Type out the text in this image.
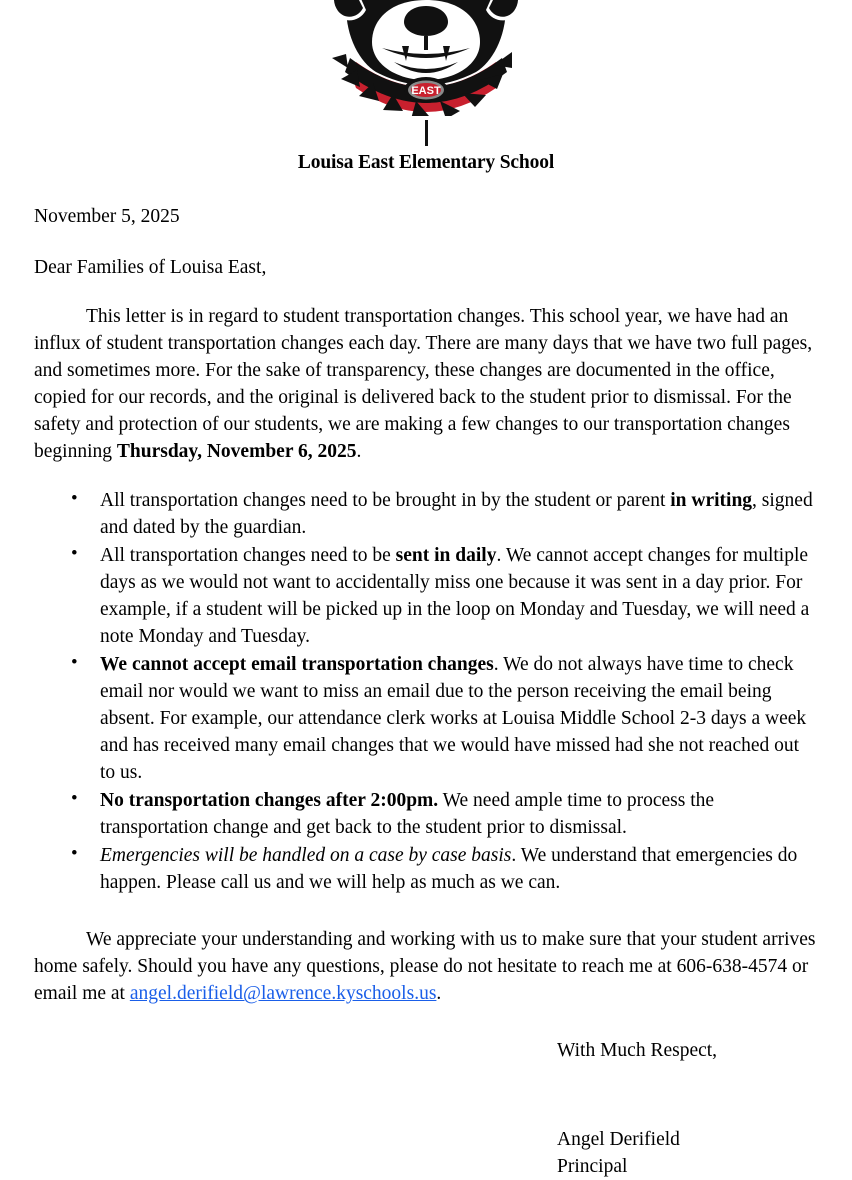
EAST
Louisa East Elementary School
November 5, 2025
Dear Families of Louisa East,
This letter is in regard to student transportation changes. This school year, we have had an influx of student transportation changes each day. There are many days that we have two full pages, and sometimes more. For the sake of transparency, these changes are documented in the office, copied for our records, and the original is delivered back to the student prior to dismissal. For the safety and protection of our students, we are making a few changes to our transportation changes beginning Thursday, November 6, 2025.
• All transportation changes need to be brought in by the student or parent in writing, signed and dated by the guardian.
• All transportation changes need to be sent in daily. We cannot accept changes for multiple days as we would not want to accidentally miss one because it was sent in a day prior. For example, if a student will be picked up in the loop on Monday and Tuesday, we will need a note Monday and Tuesday.
• We cannot accept email transportation changes. We do not always have time to check email nor would we want to miss an email due to the person receiving the email being absent. For example, our attendance clerk works at Louisa Middle School 2-3 days a week and has received many email changes that we would have missed had she not reached out to us.
• No transportation changes after 2:00pm. We need ample time to process the transportation change and get back to the student prior to dismissal.
• Emergencies will be handled on a case by case basis. We understand that emergencies do happen. Please call us and we will help as much as we can.
We appreciate your understanding and working with us to make sure that your student arrives home safely. Should you have any questions, please do not hesitate to reach me at 606-638-4574 or email me at angel.derifield@lawrence.kyschools.us.
With Much Respect,
Angel Derifield
Principal
